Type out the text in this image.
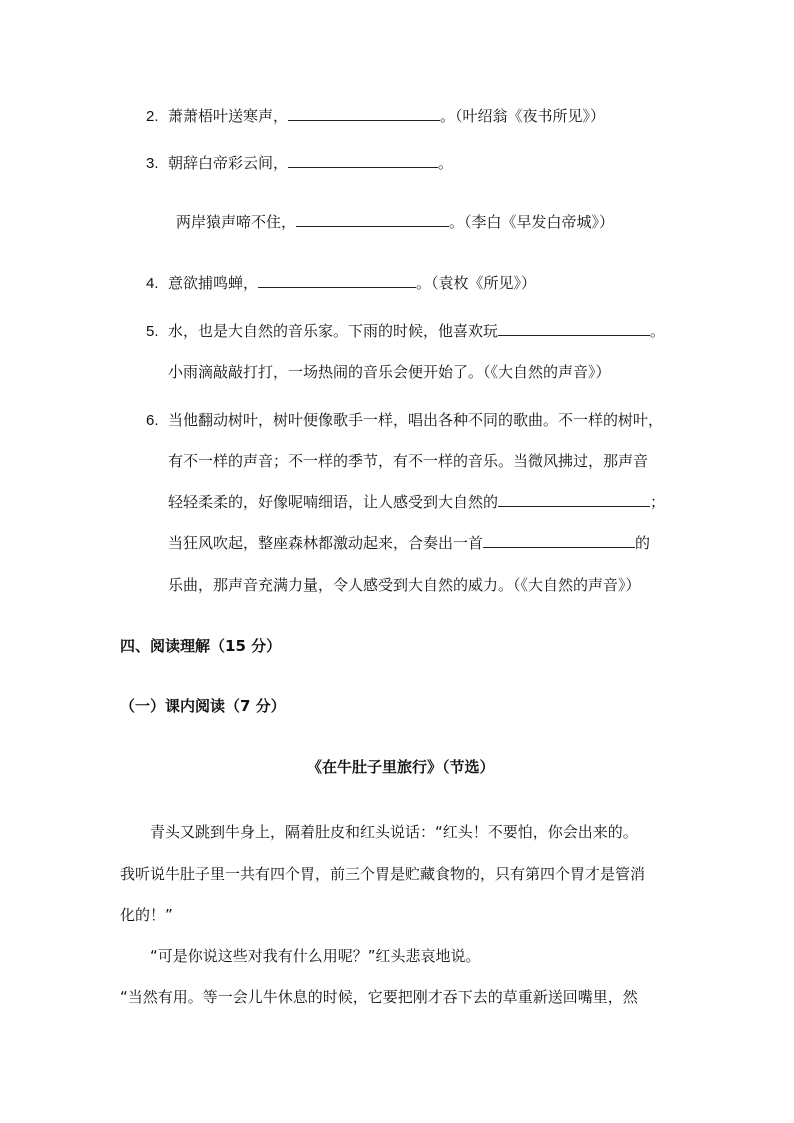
2. 萧萧梧叶送寒声，	。（叶绍翁《夜书所见》）
3. 朝辞白帝彩云间，	。
两岸猿声啼不住，	。（李白《早发白帝城》）
4. 意欲捕鸣蝉，	。（袁枚《所见》）
5. 水，也是大自然的音乐家。下雨的时候，他喜欢玩	。
小雨滴敲敲打打，一场热闹的音乐会便开始了。（《大自然的声音》）
6. 当他翻动树叶，树叶便像歌手一样，唱出各种不同的歌曲。不一样的树叶，
有不一样的声音；不一样的季节，有不一样的音乐。当微风拂过，那声音
轻轻柔柔的，好像呢喃细语，让人感受到大自然的	；
当狂风吹起，整座森林都激动起来，合奏出一首	的
乐曲，那声音充满力量，令人感受到大自然的威力。（《大自然的声音》）
四、阅读理解（15 分）
（一）课内阅读（7 分）
《在牛肚子里旅行》（节选）
青头又跳到牛身上，隔着肚皮和红头说话：“红头！不要怕，你会出来的。
我听说牛肚子里一共有四个胃，前三个胃是贮藏食物的，只有第四个胃才是管消
化的！”
“可是你说这些对我有什么用呢？”红头悲哀地说。
“当然有用。等一会儿牛休息的时候，它要把刚才吞下去的草重新送回嘴里，然
